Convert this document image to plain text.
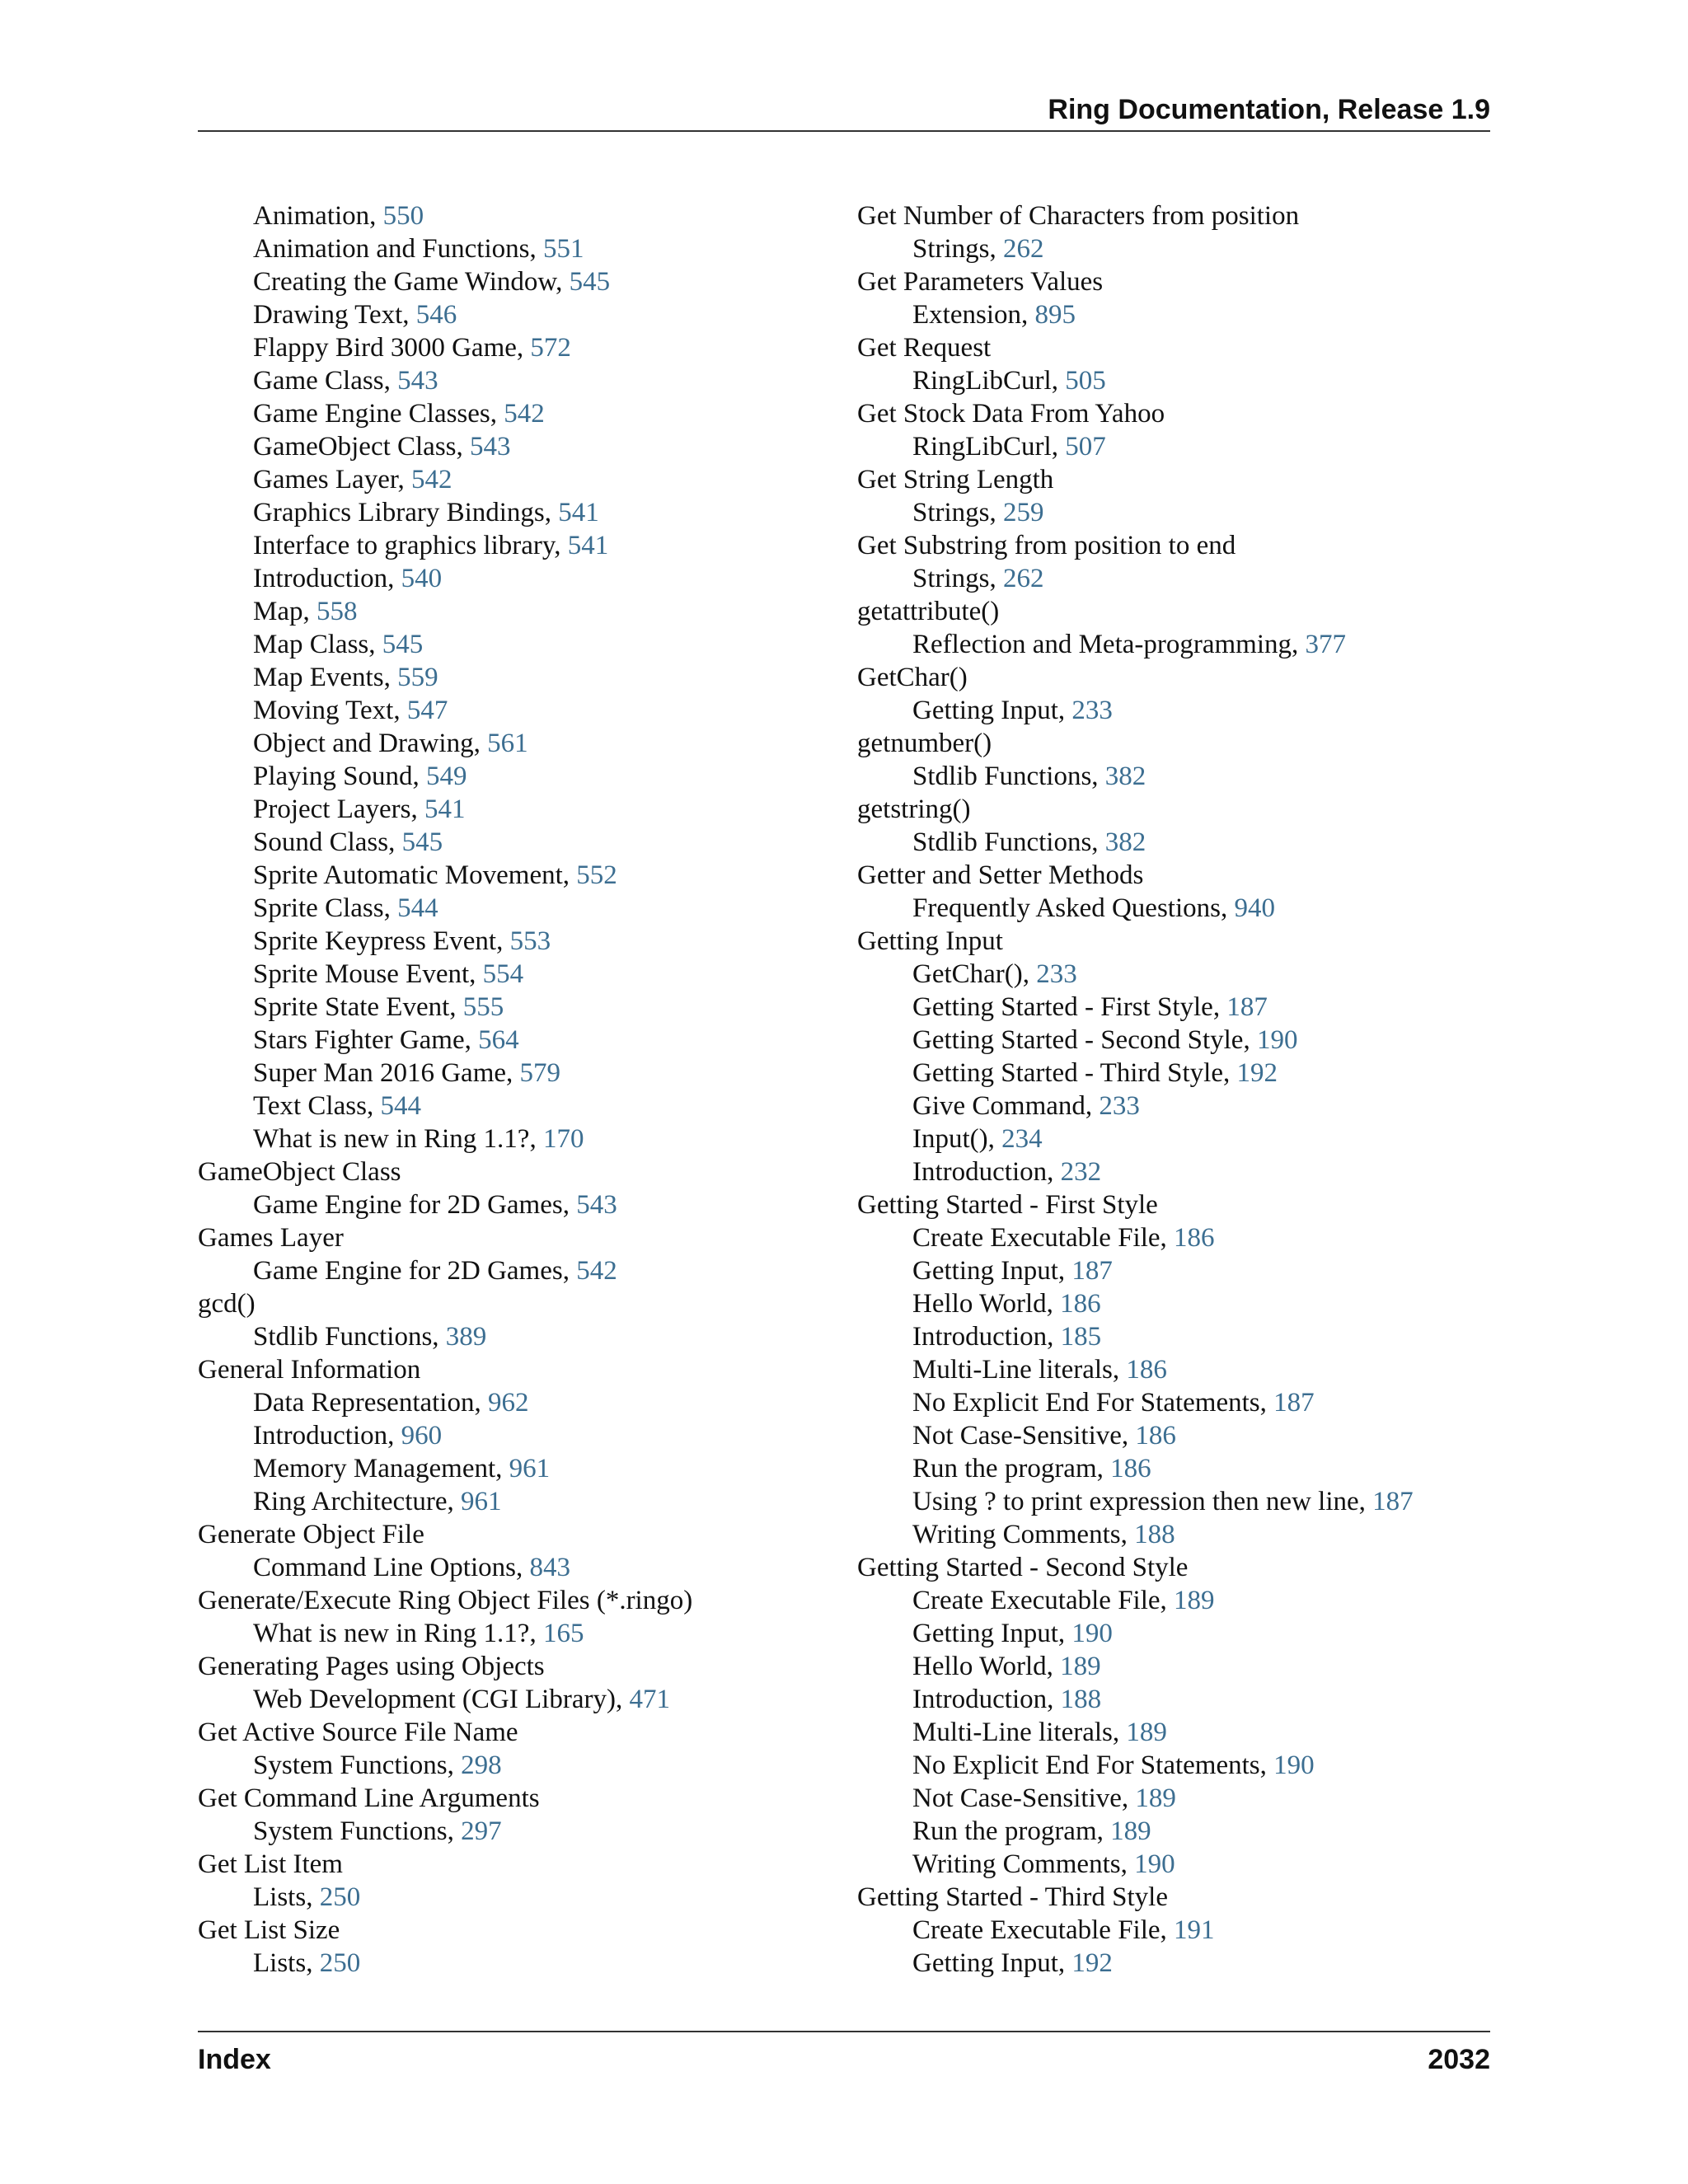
Ring Documentation, Release 1.9
Animation, 550
Animation and Functions, 551
Creating the Game Window, 545
Drawing Text, 546
Flappy Bird 3000 Game, 572
Game Class, 543
Game Engine Classes, 542
GameObject Class, 543
Games Layer, 542
Graphics Library Bindings, 541
Interface to graphics library, 541
Introduction, 540
Map, 558
Map Class, 545
Map Events, 559
Moving Text, 547
Object and Drawing, 561
Playing Sound, 549
Project Layers, 541
Sound Class, 545
Sprite Automatic Movement, 552
Sprite Class, 544
Sprite Keypress Event, 553
Sprite Mouse Event, 554
Sprite State Event, 555
Stars Fighter Game, 564
Super Man 2016 Game, 579
Text Class, 544
What is new in Ring 1.1?, 170
GameObject Class
Game Engine for 2D Games, 543
Games Layer
Game Engine for 2D Games, 542
gcd()
Stdlib Functions, 389
General Information
Data Representation, 962
Introduction, 960
Memory Management, 961
Ring Architecture, 961
Generate Object File
Command Line Options, 843
Generate/Execute Ring Object Files (*.ringo)
What is new in Ring 1.1?, 165
Generating Pages using Objects
Web Development (CGI Library), 471
Get Active Source File Name
System Functions, 298
Get Command Line Arguments
System Functions, 297
Get List Item
Lists, 250
Get List Size
Lists, 250
Get Number of Characters from position
Strings, 262
Get Parameters Values
Extension, 895
Get Request
RingLibCurl, 505
Get Stock Data From Yahoo
RingLibCurl, 507
Get String Length
Strings, 259
Get Substring from position to end
Strings, 262
getattribute()
Reflection and Meta-programming, 377
GetChar()
Getting Input, 233
getnumber()
Stdlib Functions, 382
getstring()
Stdlib Functions, 382
Getter and Setter Methods
Frequently Asked Questions, 940
Getting Input
GetChar(), 233
Getting Started - First Style, 187
Getting Started - Second Style, 190
Getting Started - Third Style, 192
Give Command, 233
Input(), 234
Introduction, 232
Getting Started - First Style
Create Executable File, 186
Getting Input, 187
Hello World, 186
Introduction, 185
Multi-Line literals, 186
No Explicit End For Statements, 187
Not Case-Sensitive, 186
Run the program, 186
Using ? to print expression then new line, 187
Writing Comments, 188
Getting Started - Second Style
Create Executable File, 189
Getting Input, 190
Hello World, 189
Introduction, 188
Multi-Line literals, 189
No Explicit End For Statements, 190
Not Case-Sensitive, 189
Run the program, 189
Writing Comments, 190
Getting Started - Third Style
Create Executable File, 191
Getting Input, 192
Index	2032
